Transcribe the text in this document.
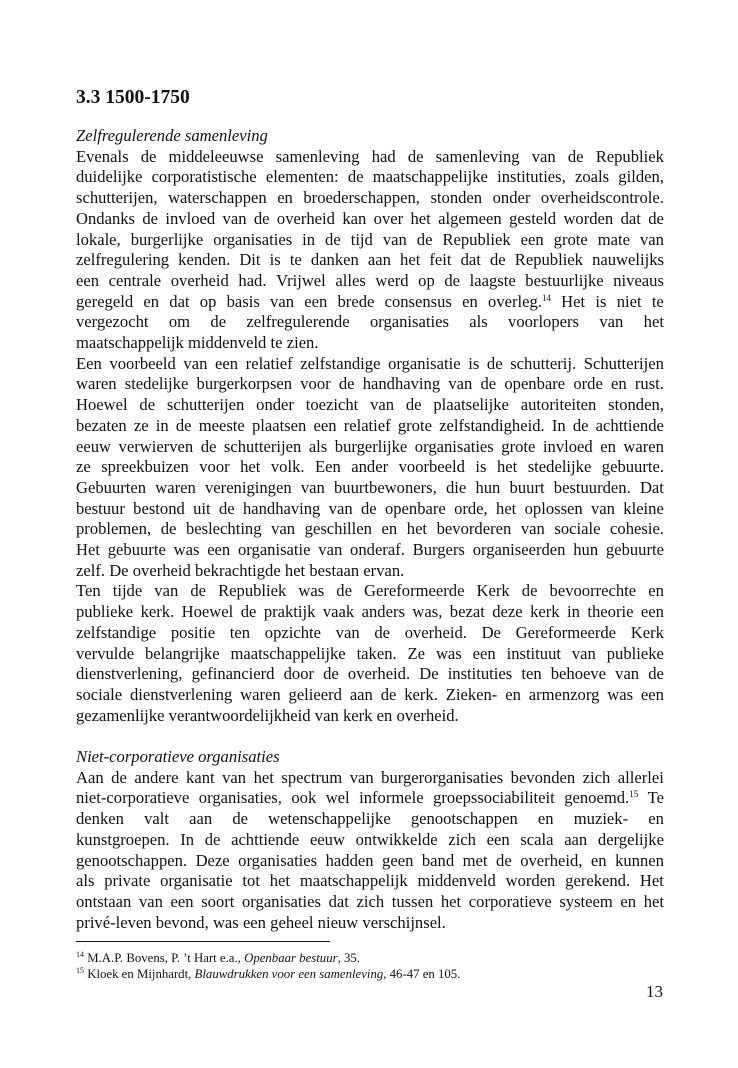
3.3 1500-1750
Zelfregulerende samenleving
Evenals de middeleeuwse samenleving had de samenleving van de Republiek
duidelijke corporatistische elementen: de maatschappelijke instituties, zoals gilden,
schutterijen, waterschappen en broederschappen, stonden onder overheidscontrole.
Ondanks de invloed van de overheid kan over het algemeen gesteld worden dat de
lokale, burgerlijke organisaties in de tijd van de Republiek een grote mate van
zelfregulering kenden. Dit is te danken aan het feit dat de Republiek nauwelijks
een centrale overheid had. Vrijwel alles werd op de laagste bestuurlijke niveaus
geregeld en dat op basis van een brede consensus en overleg.$^{14}$ Het is niet te
vergezocht om de zelfregulerende organisaties als voorlopers van het
maatschappelijk middenveld te zien.
Een voorbeeld van een relatief zelfstandige organisatie is de schutterij. Schutterijen
waren stedelijke burgerkorpsen voor de handhaving van de openbare orde en rust.
Hoewel de schutterijen onder toezicht van de plaatselijke autoriteiten stonden,
bezaten ze in de meeste plaatsen een relatief grote zelfstandigheid. In de achttiende
eeuw verwierven de schutterijen als burgerlijke organisaties grote invloed en waren
ze spreekbuizen voor het volk. Een ander voorbeeld is het stedelijke gebuurte.
Gebuurten waren verenigingen van buurtbewoners, die hun buurt bestuurden. Dat
bestuur bestond uit de handhaving van de openbare orde, het oplossen van kleine
problemen, de beslechting van geschillen en het bevorderen van sociale cohesie.
Het gebuurte was een organisatie van onderaf. Burgers organiseerden hun gebuurte
zelf. De overheid bekrachtigde het bestaan ervan.
Ten tijde van de Republiek was de Gereformeerde Kerk de bevoorrechte en
publieke kerk. Hoewel de praktijk vaak anders was, bezat deze kerk in theorie een
zelfstandige positie ten opzichte van de overheid. De Gereformeerde Kerk
vervulde belangrijke maatschappelijke taken. Ze was een instituut van publieke
dienstverlening, gefinancierd door de overheid. De instituties ten behoeve van de
sociale dienstverlening waren gelieerd aan de kerk. Zieken- en armenzorg was een
gezamenlijke verantwoordelijkheid van kerk en overheid.
Niet-corporatieve organisaties
Aan de andere kant van het spectrum van burgerorganisaties bevonden zich allerlei
niet-corporatieve organisaties, ook wel informele groepssociabiliteit genoemd.$^{15}$ Te
denken valt aan de wetenschappelijke genootschappen en muziek- en
kunstgroepen. In de achttiende eeuw ontwikkelde zich een scala aan dergelijke
genootschappen. Deze organisaties hadden geen band met de overheid, en kunnen
als private organisatie tot het maatschappelijk middenveld worden gerekend. Het
ontstaan van een soort organisaties dat zich tussen het corporatieve systeem en het
privé-leven bevond, was een geheel nieuw verschijnsel.
$^{14}$ M.A.P. Bovens, P. ’t Hart e.a., Openbaar bestuur, 35.
$^{15}$ Kloek en Mijnhardt, Blauwdrukken voor een samenleving, 46-47 en 105.
13
